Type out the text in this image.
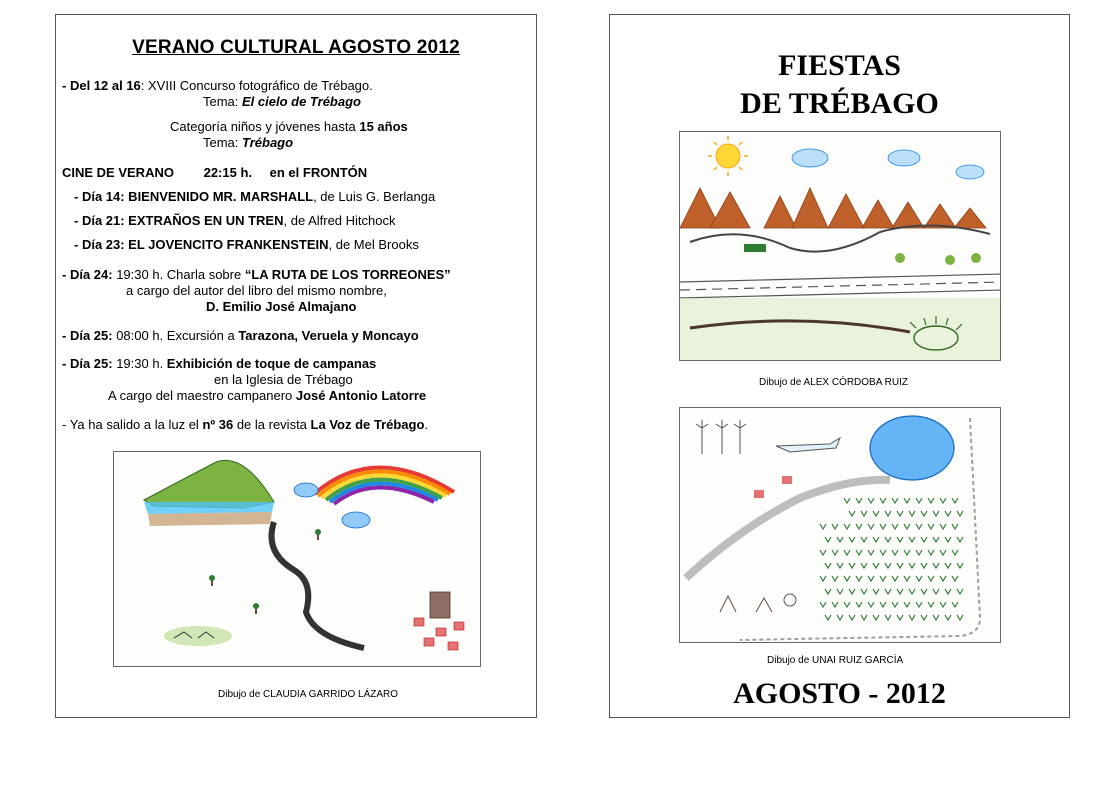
VERANO CULTURAL AGOSTO 2012
- Del 12 al 16: XVIII Concurso fotográfico de Trébago.
Tema: El cielo de Trébago
Categoría niños y jóvenes hasta 15 años
Tema: Trébago
CINE DE VERANO 22:15 h. en el FRONTÓN
- Día 14: BIENVENIDO MR. MARSHALL, de Luis G. Berlanga
- Día 21: EXTRAÑOS EN UN TREN, de Alfred Hitchock
- Día 23: EL JOVENCITO FRANKENSTEIN, de Mel Brooks
- Día 24: 19:30 h. Charla sobre “LA RUTA DE LOS TORREONES”
a cargo del autor del libro del mismo nombre,
D. Emilio José Almajano
- Día 25: 08:00 h. Excursión a Tarazona, Veruela y Moncayo
- Día 25: 19:30 h. Exhibición de toque de campanas
en la Iglesia de Trébago
A cargo del maestro campanero José Antonio Latorre
- Ya ha salido a la luz el nº 36 de la revista La Voz de Trébago.
Dibujo de CLAUDIA GARRIDO LÁZARO
FIESTAS
DE TRÉBAGO
Dibujo de ALEX CÓRDOBA RUIZ
Dibujo de UNAI RUIZ GARCÍA
AGOSTO - 2012
